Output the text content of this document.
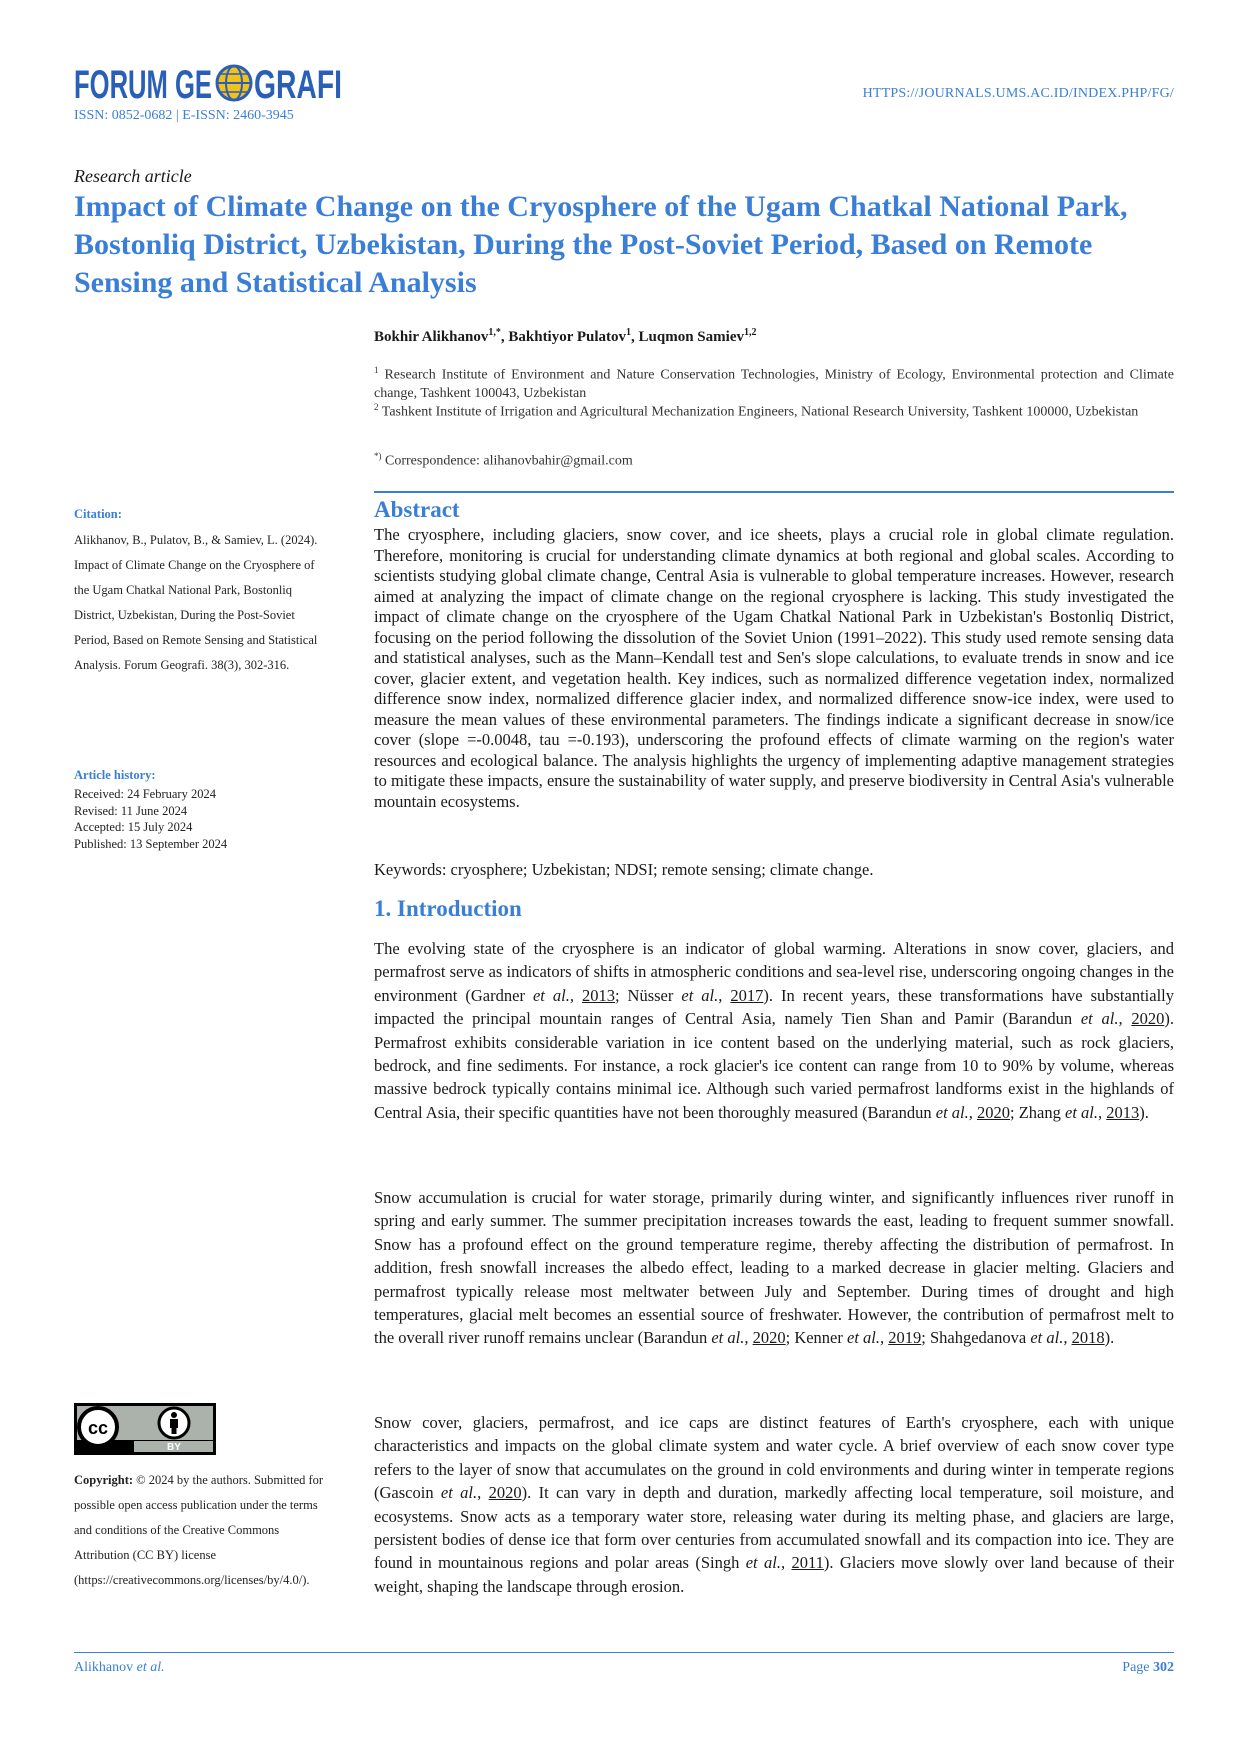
FORUM GE GRAFI
ISSN: 0852-0682 | E-ISSN: 2460-3945
HTTPS://JOURNALS.UMS.AC.ID/INDEX.PHP/FG/
Research article
Impact of Climate Change on the Cryosphere of the Ugam Chatkal National Park, Bostonliq District, Uzbekistan, During the Post-Soviet Period, Based on Remote Sensing and Statistical Analysis
Bokhir Alikhanov$^{1,*}$, Bakhtiyor Pulatov$^1$, Luqmon Samiev$^{1,2}$
$^1$ Research Institute of Environment and Nature Conservation Technologies, Ministry of Ecology, Environmental protection and Climate change, Tashkent 100043, Uzbekistan
$^2$ Tashkent Institute of Irrigation and Agricultural Mechanization Engineers, National Research University, Tashkent 100000, Uzbekistan
*) Correspondence: alihanovbahir@gmail.com
Citation:
Alikhanov, B., Pulatov, B., & Samiev, L. (2024). Impact of Climate Change on the Cryosphere of the Ugam Chatkal National Park, Bostonliq District, Uzbekistan, During the Post-Soviet Period, Based on Remote Sensing and Statistical Analysis. Forum Geografi. 38(3), 302-316.
Article history:
Received: 24 February 2024
Revised: 11 June 2024
Accepted: 15 July 2024
Published: 13 September 2024
cc
BY
Copyright: © 2024 by the authors. Submitted for possible open access publication under the terms and conditions of the Creative Commons Attribution (CC BY) license (https://creativecommons.org/licenses/by/4.0/).
Abstract
The cryosphere, including glaciers, snow cover, and ice sheets, plays a crucial role in global climate regulation. Therefore, monitoring is crucial for understanding climate dynamics at both regional and global scales. According to scientists studying global climate change, Central Asia is vulnerable to global temperature increases. However, research aimed at analyzing the impact of climate change on the regional cryosphere is lacking. This study investigated the impact of climate change on the cryosphere of the Ugam Chatkal National Park in Uzbekistan's Bostonliq District, focusing on the period following the dissolution of the Soviet Union (1991–2022). This study used remote sensing data and statistical analyses, such as the Mann–Kendall test and Sen's slope calculations, to evaluate trends in snow and ice cover, glacier extent, and vegetation health. Key indices, such as normalized difference vegetation index, normalized difference snow index, normalized difference glacier index, and normalized difference snow-ice index, were used to measure the mean values of these environmental parameters. The findings indicate a significant decrease in snow/ice cover (slope =-0.0048, tau =-0.193), underscoring the profound effects of climate warming on the region's water resources and ecological balance. The analysis highlights the urgency of implementing adaptive management strategies to mitigate these impacts, ensure the sustainability of water supply, and preserve biodiversity in Central Asia's vulnerable mountain ecosystems.
Keywords: cryosphere; Uzbekistan; NDSI; remote sensing; climate change.
1. Introduction
The evolving state of the cryosphere is an indicator of global warming. Alterations in snow cover, glaciers, and permafrost serve as indicators of shifts in atmospheric conditions and sea-level rise, underscoring ongoing changes in the environment (Gardner et al., 2013; Nüsser et al., 2017). In recent years, these transformations have substantially impacted the principal mountain ranges of Central Asia, namely Tien Shan and Pamir (Barandun et al., 2020). Permafrost exhibits considerable variation in ice content based on the underlying material, such as rock glaciers, bedrock, and fine sediments. For instance, a rock glacier's ice content can range from 10 to 90% by volume, whereas massive bedrock typically contains minimal ice. Although such varied permafrost landforms exist in the highlands of Central Asia, their specific quantities have not been thoroughly measured (Barandun et al., 2020; Zhang et al., 2013).
Snow accumulation is crucial for water storage, primarily during winter, and significantly influences river runoff in spring and early summer. The summer precipitation increases towards the east, leading to frequent summer snowfall. Snow has a profound effect on the ground temperature regime, thereby affecting the distribution of permafrost. In addition, fresh snowfall increases the albedo effect, leading to a marked decrease in glacier melting. Glaciers and permafrost typically release most meltwater between July and September. During times of drought and high temperatures, glacial melt becomes an essential source of freshwater. However, the contribution of permafrost melt to the overall river runoff remains unclear (Barandun et al., 2020; Kenner et al., 2019; Shahgedanova et al., 2018).
Snow cover, glaciers, permafrost, and ice caps are distinct features of Earth's cryosphere, each with unique characteristics and impacts on the global climate system and water cycle. A brief overview of each snow cover type refers to the layer of snow that accumulates on the ground in cold environments and during winter in temperate regions (Gascoin et al., 2020). It can vary in depth and duration, markedly affecting local temperature, soil moisture, and ecosystems. Snow acts as a temporary water store, releasing water during its melting phase, and glaciers are large, persistent bodies of dense ice that form over centuries from accumulated snowfall and its compaction into ice. They are found in mountainous regions and polar areas (Singh et al., 2011). Glaciers move slowly over land because of their weight, shaping the landscape through erosion.
Alikhanov et al.	Page 302
